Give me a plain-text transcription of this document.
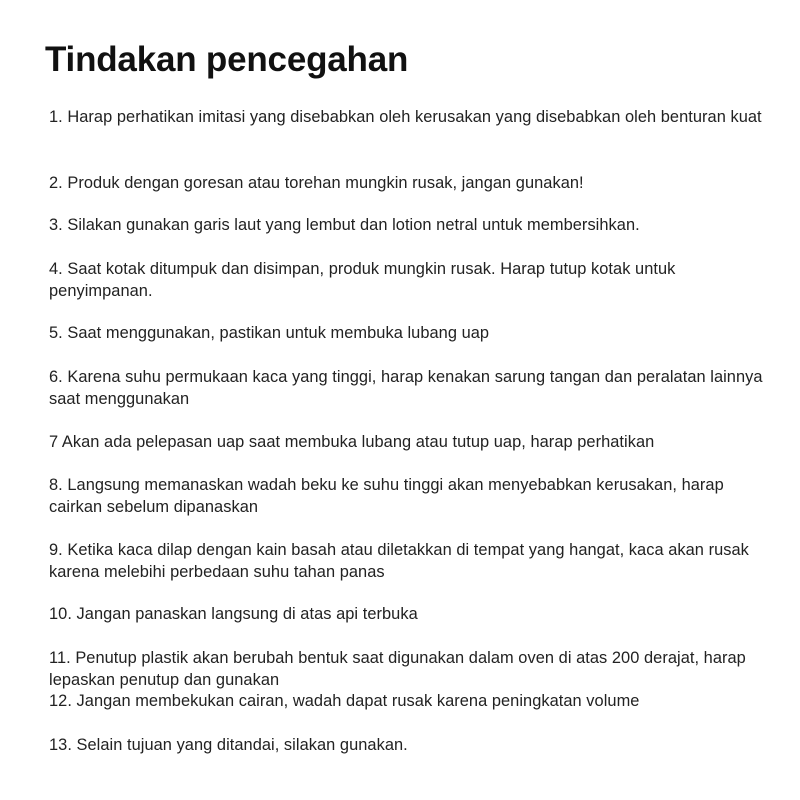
Tindakan pencegahan

1. Harap perhatikan imitasi yang disebabkan oleh kerusakan yang disebabkan oleh benturan kuat

2. Produk dengan goresan atau torehan mungkin rusak, jangan gunakan!

3. Silakan gunakan garis laut yang lembut dan lotion netral untuk membersihkan.

4. Saat kotak ditumpuk dan disimpan, produk mungkin rusak. Harap tutup kotak untuk penyimpanan.

5. Saat menggunakan, pastikan untuk membuka lubang uap

6. Karena suhu permukaan kaca yang tinggi, harap kenakan sarung tangan dan peralatan lainnya saat menggunakan

7 Akan ada pelepasan uap saat membuka lubang atau tutup uap, harap perhatikan

8. Langsung memanaskan wadah beku ke suhu tinggi akan menyebabkan kerusakan, harap cairkan sebelum dipanaskan

9. Ketika kaca dilap dengan kain basah atau diletakkan di tempat yang hangat, kaca akan rusak karena melebihi perbedaan suhu tahan panas

10. Jangan panaskan langsung di atas api terbuka

11. Penutup plastik akan berubah bentuk saat digunakan dalam oven di atas 200 derajat, harap lepaskan penutup dan gunakan

12. Jangan membekukan cairan, wadah dapat rusak karena peningkatan volume

13. Selain tujuan yang ditandai, silakan gunakan.
